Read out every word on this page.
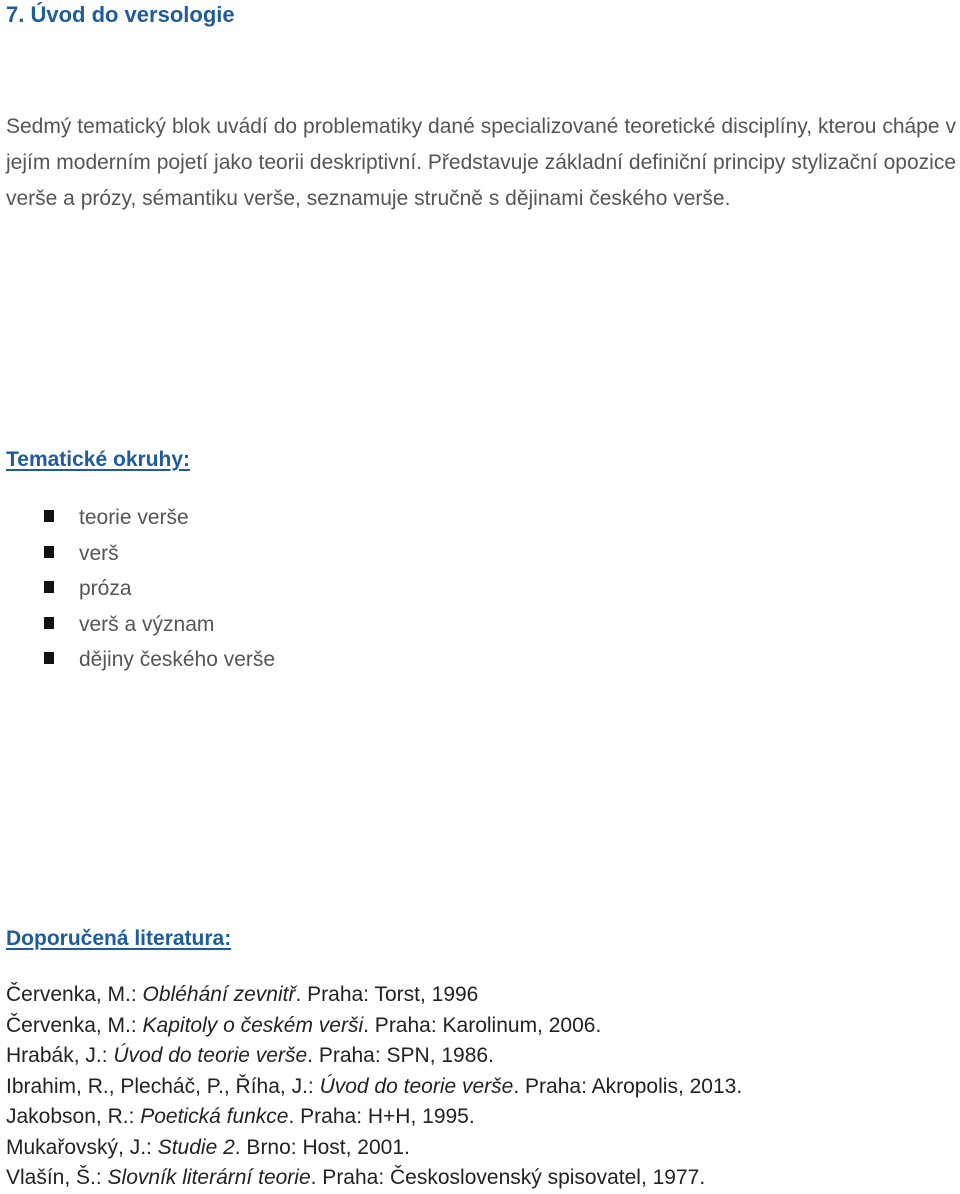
7. Úvod do versologie

Sedmý tematický blok uvádí do problematiky dané specializované teoretické disciplíny, kterou chápe v jejím moderním pojetí jako teorii deskriptivní. Představuje základní definiční principy stylizační opozice verše a prózy, sémantiku verše, seznamuje stručně s dějinami českého verše.

Tematické okruhy:
teorie verše
verš
próza
verš a význam
dějiny českého verše
Doporučená literatura:
Červenka, M.: Obléhání zevnitř. Praha: Torst, 1996
Červenka, M.: Kapitoly o českém verši. Praha: Karolinum, 2006.
Hrabák, J.: Úvod do teorie verše. Praha: SPN, 1986.
Ibrahim, R., Plecháč, P., Říha, J.: Úvod do teorie verše. Praha: Akropolis, 2013.
Jakobson, R.: Poetická funkce. Praha: H+H, 1995.
Mukařovský, J.: Studie 2. Brno: Host, 2001.
Vlašín, Š.: Slovník literární teorie. Praha: Československý spisovatel, 1977.
